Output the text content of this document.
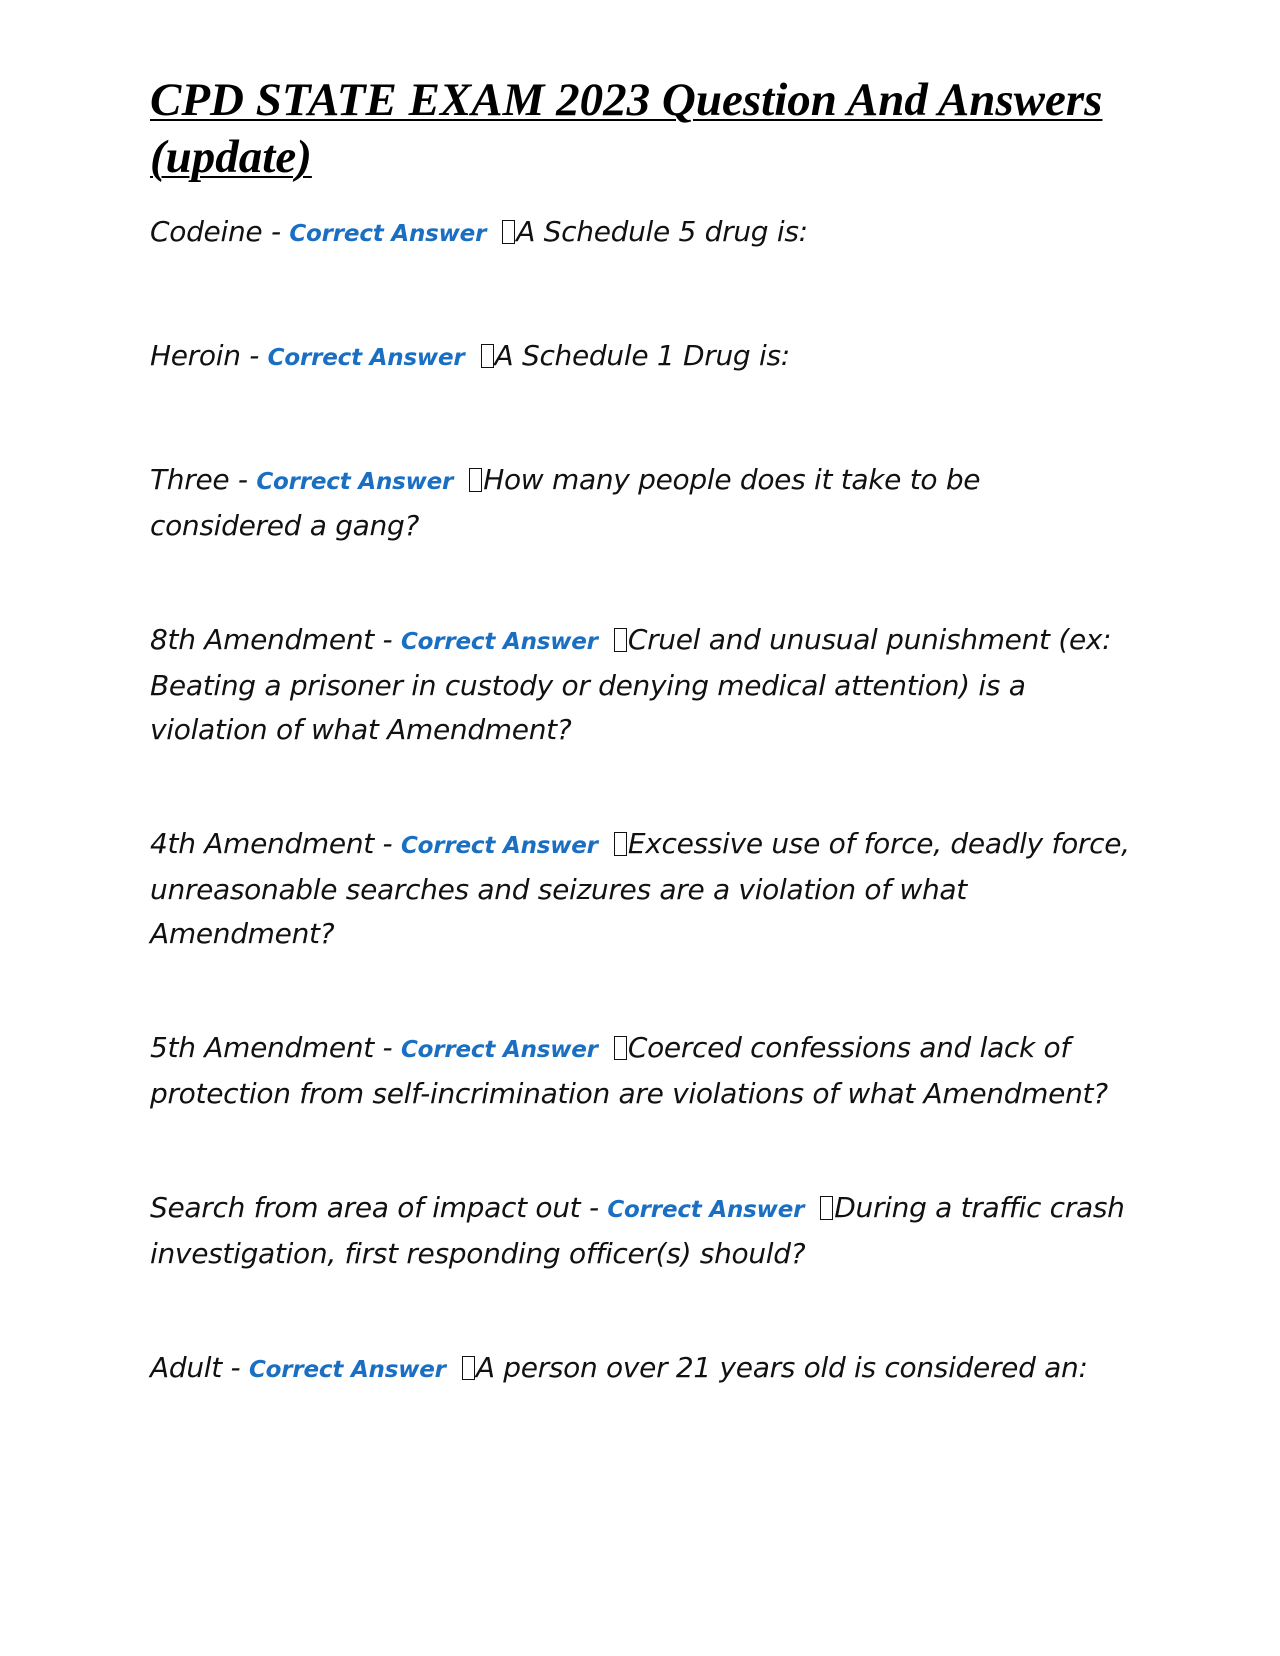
CPD STATE EXAM 2023 Question And Answers (update)
Codeine - Correct Answer A Schedule 5 drug is:
Heroin - Correct Answer A Schedule 1 Drug is:
Three - Correct Answer How many people does it take to be considered a gang?
8th Amendment - Correct Answer Cruel and unusual punishment (ex: Beating a prisoner in custody or denying medical attention) is a violation of what Amendment?
4th Amendment - Correct Answer Excessive use of force, deadly force, unreasonable searches and seizures are a violation of what Amendment?
5th Amendment - Correct Answer Coerced confessions and lack of protection from self-incrimination are violations of what Amendment?
Search from area of impact out - Correct Answer During a traffic crash investigation, first responding officer(s) should?
Adult - Correct Answer A person over 21 years old is considered an:
